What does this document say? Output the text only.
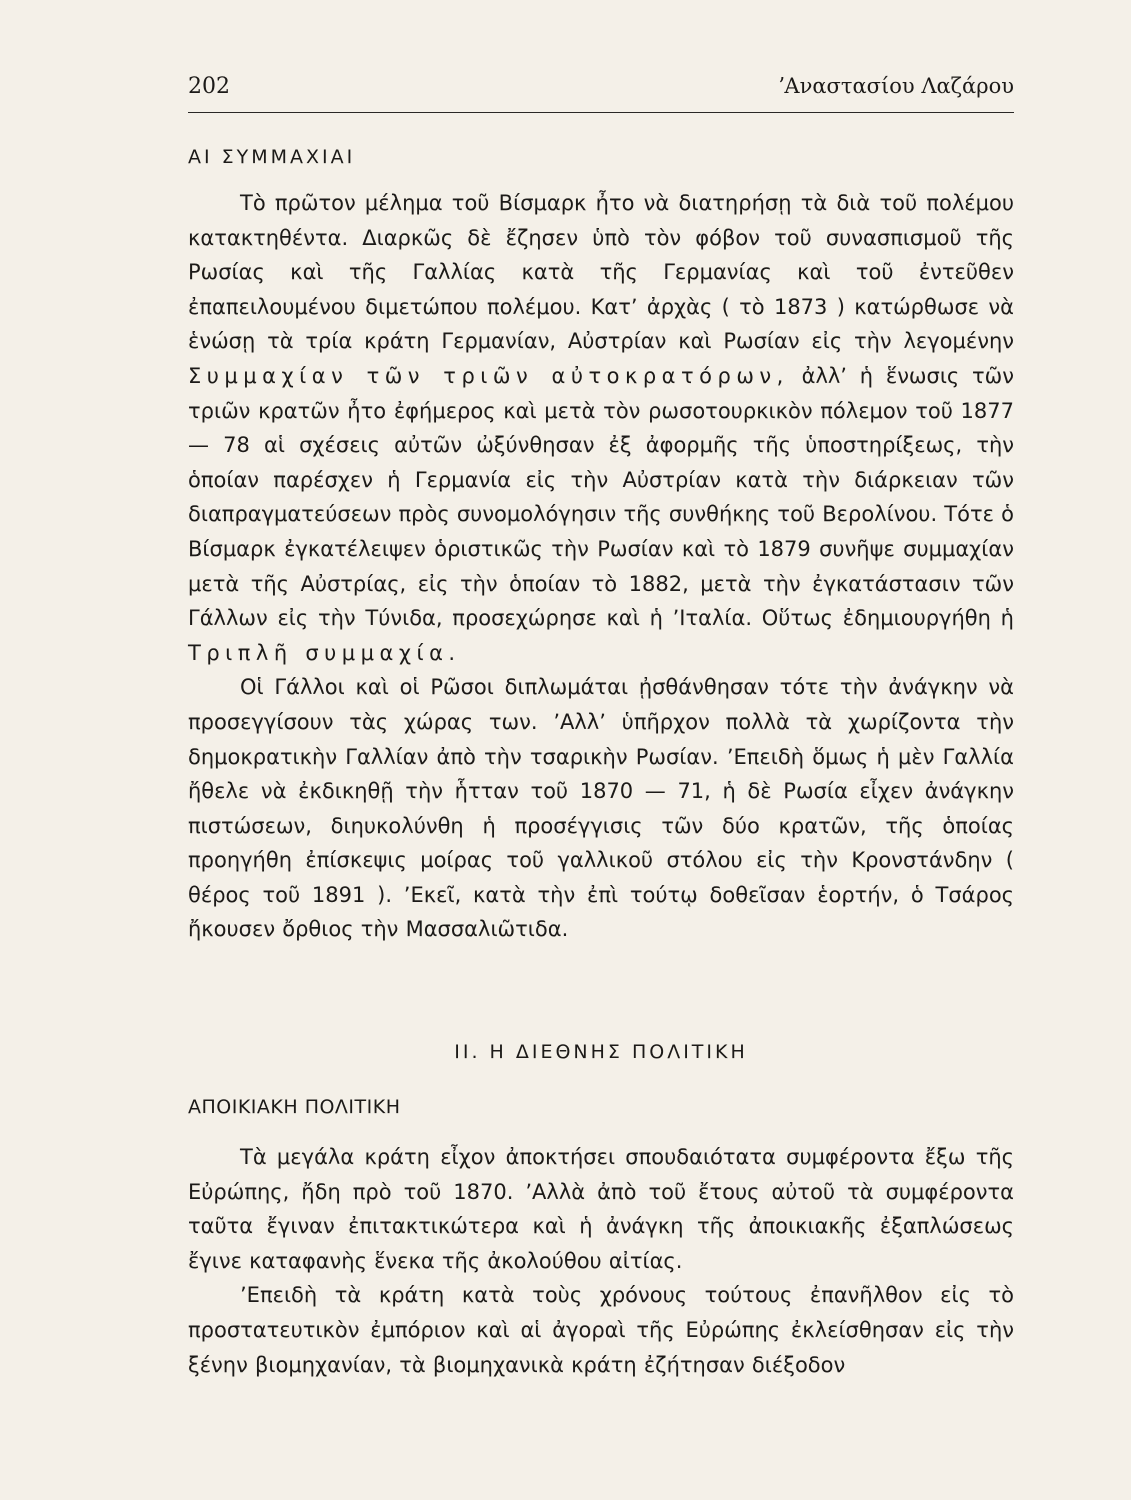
202	ʼΑναστασίου Λαζάρου
ΑΙ ΣΥΜΜΑΧΙΑΙ

Τὸ πρῶτον μέλημα τοῦ Βίσμαρκ ἦτο νὰ διατηρήσῃ τὰ διὰ τοῦ πολέμου κατακτηθέντα. Διαρκῶς δὲ ἔζησεν ὑπὸ τὸν φόβον τοῦ συνασπισμοῦ τῆς Ρωσίας καὶ τῆς Γαλλίας κατὰ τῆς Γερμανίας καὶ τοῦ ἐντεῦθεν ἐπαπειλουμένου διμετώπου πολέμου. Κατʼ ἀρχὰς ( τὸ 1873 ) κατώρθωσε νὰ ἑνώσῃ τὰ τρία κράτη Γερμανίαν, Αὐστρίαν καὶ Ρωσίαν εἰς τὴν λεγομένην Συμμαχίαν τῶν τριῶν αὐτοκρατόρων, ἀλλʼ ἡ ἕνωσις τῶν τριῶν κρατῶν ἦτο ἐφήμερος καὶ μετὰ τὸν ρωσοτουρκικὸν πόλεμον τοῦ 1877 — 78 αἱ σχέσεις αὐτῶν ὠξύνθησαν ἐξ ἀφορμῆς τῆς ὑποστηρίξεως, τὴν ὁποίαν παρέσχεν ἡ Γερμανία εἰς τὴν Αὐστρίαν κατὰ τὴν διάρκειαν τῶν διαπραγματεύσεων πρὸς συνομολόγησιν τῆς συνθήκης τοῦ Βερολίνου. Τότε ὁ Βίσμαρκ ἐγκατέλειψεν ὁριστικῶς τὴν Ρωσίαν καὶ τὸ 1879 συνῆψε συμμαχίαν μετὰ τῆς Αὐστρίας, εἰς τὴν ὁποίαν τὸ 1882, μετὰ τὴν ἐγκατάστασιν τῶν Γάλλων εἰς τὴν Τύνιδα, προσεχώρησε καὶ ἡ ʼΙταλία. Οὕτως ἐδημιουργήθη ἡ Τριπλῆ συμμαχία.

Οἱ Γάλλοι καὶ οἱ Ρῶσοι διπλωμάται ᾐσθάνθησαν τότε τὴν ἀνάγκην νὰ προσεγγίσουν τὰς χώρας των. ʼΑλλʼ ὑπῆρχον πολλὰ τὰ χωρίζοντα τὴν δημοκρατικὴν Γαλλίαν ἀπὸ τὴν τσαρικὴν Ρωσίαν. ʼΕπειδὴ ὅμως ἡ μὲν Γαλλία ἤθελε νὰ ἐκδικηθῇ τὴν ἧτταν τοῦ 1870 — 71, ἡ δὲ Ρωσία εἶχεν ἀνάγκην πιστώσεων, διηυκολύνθη ἡ προσέγγισις τῶν δύο κρατῶν, τῆς ὁποίας προηγήθη ἐπίσκεψις μοίρας τοῦ γαλλικοῦ στόλου εἰς τὴν Κρονστάνδην ( θέρος τοῦ 1891 ). ʼΕκεῖ, κατὰ τὴν ἐπὶ τούτῳ δοθεῖσαν ἑορτήν, ὁ Τσάρος ἤκουσεν ὄρθιος τὴν Μασσαλιῶτιδα.

ΙΙ. Η ΔΙΕΘΝΗΣ ΠΟΛΙΤΙΚΗ
ΑΠΟΙΚΙΑΚΗ ΠΟΛΙΤΙΚΗ

Τὰ μεγάλα κράτη εἶχον ἀποκτήσει σπουδαιότατα συμφέροντα ἔξω τῆς Εὐρώπης, ἤδη πρὸ τοῦ 1870. ʼΑλλὰ ἀπὸ τοῦ ἔτους αὐτοῦ τὰ συμφέροντα ταῦτα ἔγιναν ἐπιτακτικώτερα καὶ ἡ ἀνάγκη τῆς ἀποικιακῆς ἐξαπλώσεως ἔγινε καταφανὴς ἕνεκα τῆς ἀκολούθου αἰτίας.

ʼΕπειδὴ τὰ κράτη κατὰ τοὺς χρόνους τούτους ἐπανῆλθον εἰς τὸ προστατευτικὸν ἐμπόριον καὶ αἱ ἀγοραὶ τῆς Εὐρώπης ἐκλείσθησαν εἰς τὴν ξένην βιομηχανίαν, τὰ βιομηχανικὰ κράτη ἐζήτησαν διέξοδον
